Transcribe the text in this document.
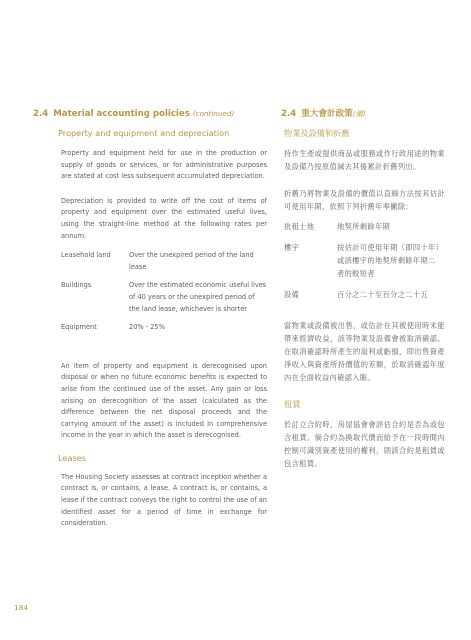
2.4 Material accounting policies (continued)

Property and equipment and depreciation

Property and equipment held for use in the production or supply of goods or services, or for administrative purposes are stated at cost less subsequent accumulated depreciation.

Depreciation is provided to write off the cost of items of property and equipment over the estimated useful lives, using the straight-line method at the following rates per annum:

Leasehold land	Over the unexpired period of the land lease
Buildings	Over the estimated economic useful lives of 40 years or the unexpired period of the land lease, whichever is shorter
Equipment	20% - 25%

An item of property and equipment is derecognised upon disposal or when no future economic benefits is expected to arise from the continued use of the asset. Any gain or loss arising on derecognition of the asset (calculated as the difference between the net disposal proceeds and the carrying amount of the asset) is included in comprehensive income in the year in which the asset is derecognised.

Leases

The Housing Society assesses at contract inception whether a contract is, or contains, a lease. A contract is, or contains, a lease if the contract conveys the right to control the use of an identified asset for a period of time in exchange for consideration.

2.4 重大會計政策(續)

物業及設備和折舊

持作生產或提供商品或服務或作行政用途的物業及設備乃按原值減去其後累計折舊列出。

折舊乃將物業及設備的價值以直線方法按其估計可使用年期，依照下列折舊年率撇除：

批租土地	地契所剩餘年期
樓宇	按估計可使用年期（即四十年）或該樓宇的地契所剩餘年期二者的較短者
設備	百分之二十至百分之二十五

當物業或設備被出售，或估計在其被使用時未能帶來經濟收益，該等物業及設備會被取消確認。在取消確認時所產生的溢利或虧損，即出售資產淨收入與資產所持價值的差額，於取消確認年度內在全面收益內確認入賬。

租賃

於訂立合約時，房屋協會會評估合約是否為或包含租賃。倘合約為換取代價而給予在一段時間內控制可識別資產使用的權利，則該合約是租賃或包含租賃。

184
